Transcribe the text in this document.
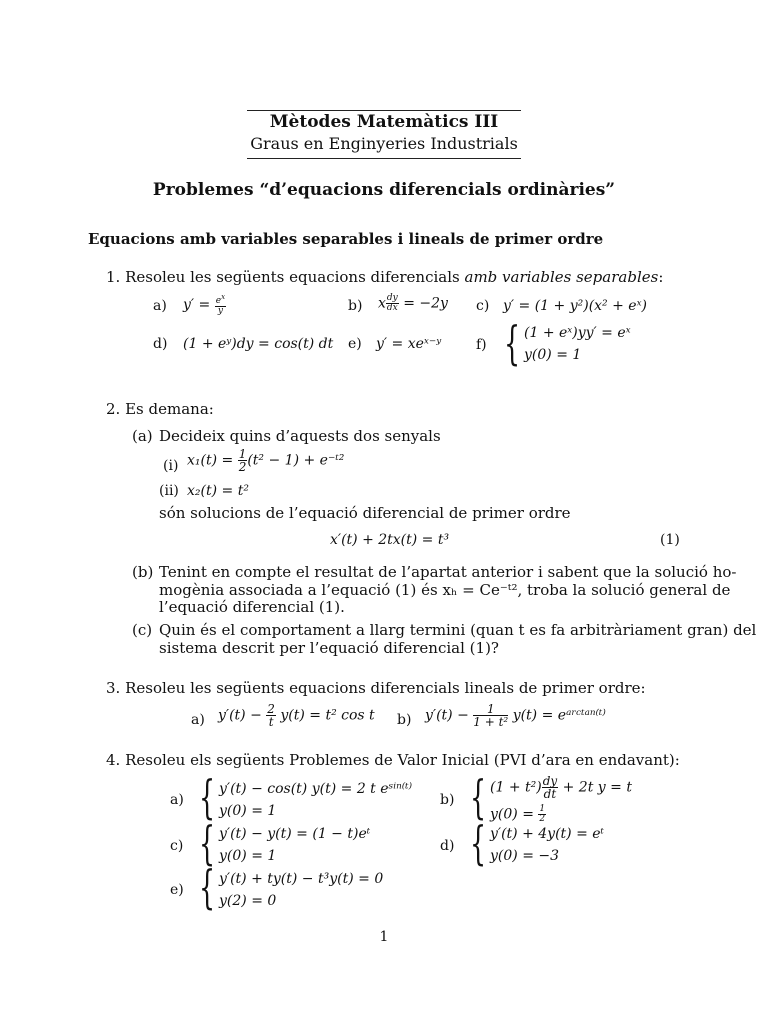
Mètodes Matemàtics III
Graus en Enginyeries Industrials
Problemes “d’equacions diferencials ordinàries”
Equacions amb variables separables i lineals de primer ordre
1. Resoleu les següents equacions diferencials amb variables separables:
a) $y' = \frac{e^x}{y}$	b) x $\frac{dy}{dx} = -2y$ c) y′ = (1 + y²)(x² + eˣ)
d) (1 + eʸ)dy = cos(t) dt e) y′ = xeˣ⁻ʸ f) { (1 + eˣ)yy′ = eˣ
y(0) = 1
2. Es demana:
(a) Decideix quins d’aquests dos senyals
(i) $x_1(t) = \frac{1}{2} (t^2 - 1)$ + e⁻ᵗ²
(ii) x₂(t) = t²
són solucions de l’equació diferencial de primer ordre
x′(t) + 2tx(t) = t³	(1)
(b) Tenint en compte el resultat de l’apartat anterior i sabent que la solució ho-
mogènia associada a l’equació (1) és xₕ = Ce⁻ᵗ², troba la solució general de
l’equació diferencial (1).
(c) Quin és el comportament a llarg termini (quan t es fa arbitràriament gran) del
sistema descrit per l’equació diferencial (1)?
3. Resoleu les següents equacions diferencials lineals de primer ordre:
a) $y'(t) - \frac{2}{t} y(t) = t^2$ cos t b) $y'(t) - \frac{1}{\text{1 + t²}} y(t)$ = eᵃʳᶜᵗᵃⁿ⁽ᵗ⁾
4. Resoleu els següents Problemes de Valor Inicial (PVI d’ara en endavant):
a) { y′(t) − cos(t) y(t) = 2 t eˢⁱⁿ⁽ᵗ⁾
y(0) = 1
b) { $(1 + t^2) \frac{dy}{dt} + 2t$ y = t
$y(0) = \frac{1}{2}$
c) { y′(t) − y(t) = (1 − t)eᵗ
y(0) = 1
d) { y′(t) + 4y(t) = eᵗ
y(0) = −3
e) { y′(t) + ty(t) − t³y(t) = 0
y(2) = 0
1
